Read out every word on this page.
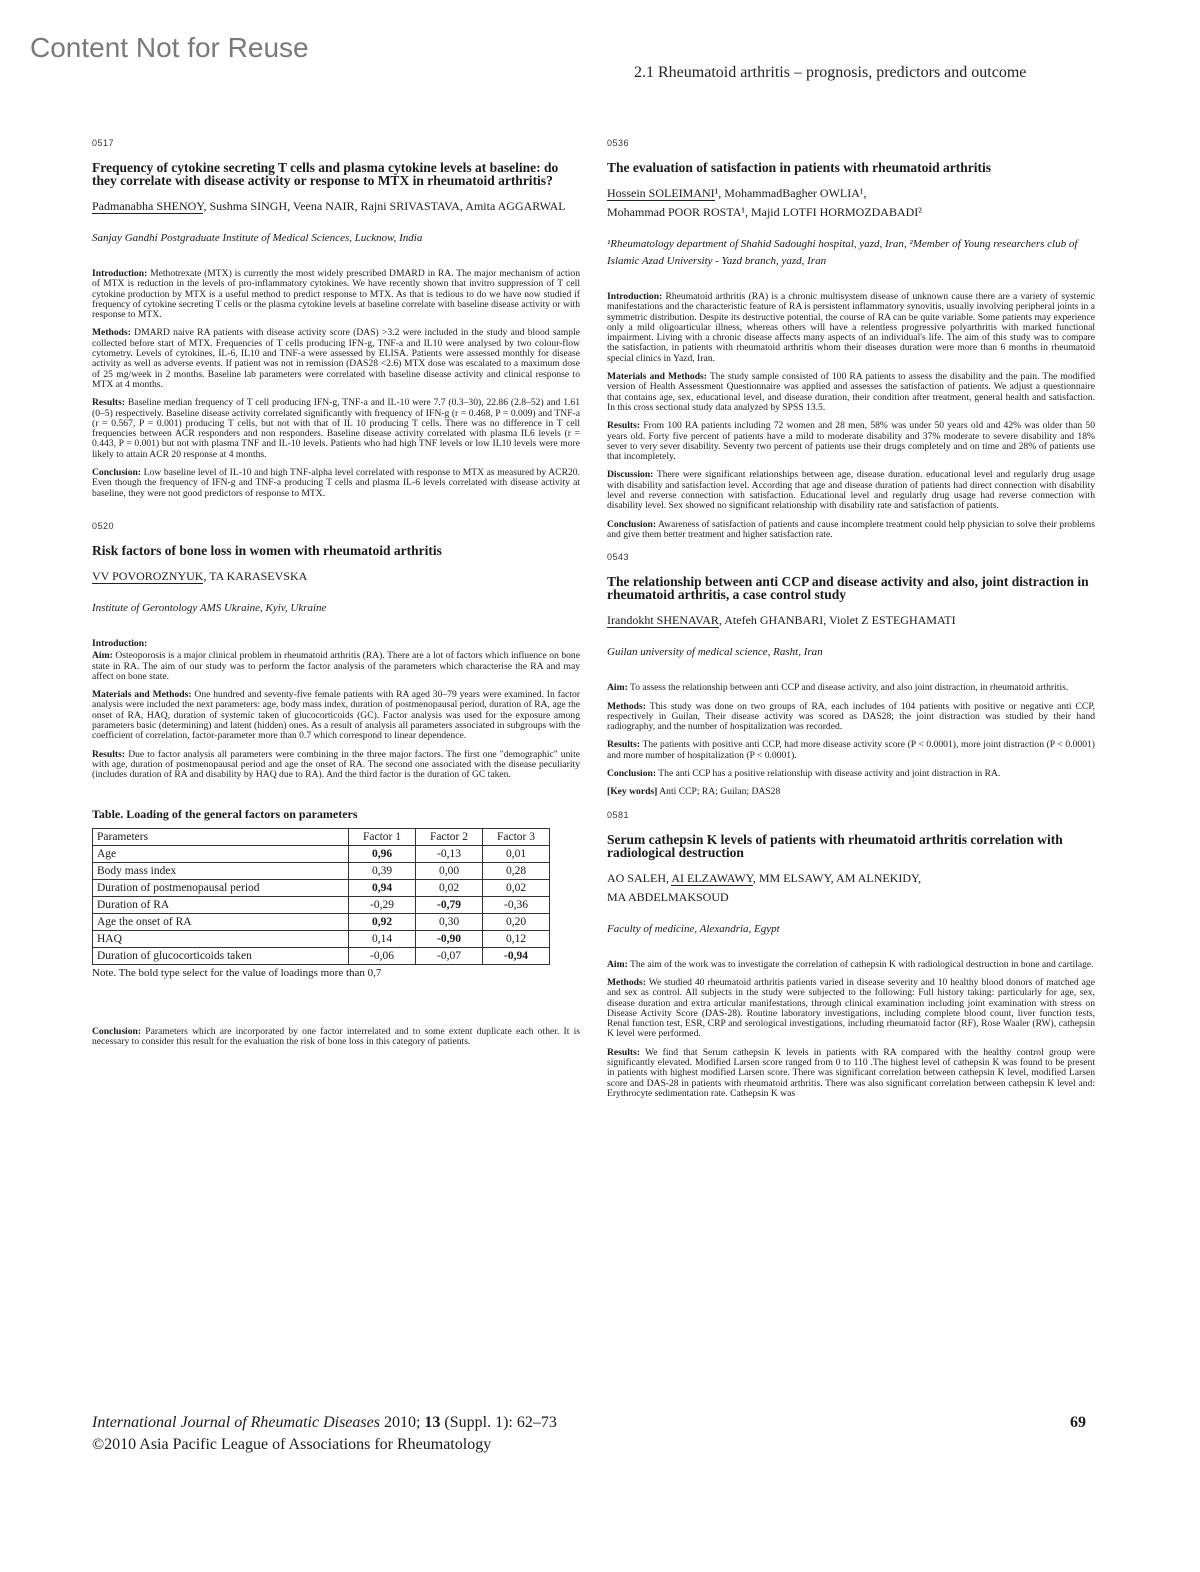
Content Not for Reuse
2.1 Rheumatoid arthritis – prognosis, predictors and outcome

0517

Frequency of cytokine secreting T cells and plasma cytokine levels at baseline: do they correlate with disease activity or response to MTX in rheumatoid arthritis?

Padmanabha SHENOY, Sushma SINGH, Veena NAIR, Rajni SRIVASTAVA, Amita AGGARWAL

Sanjay Gandhi Postgraduate Institute of Medical Sciences, Lucknow, India

Introduction: Methotrexate (MTX) is currently the most widely prescribed DMARD in RA. The major mechanism of action of MTX is reduction in the levels of pro-inflammatory cytokines. We have recently shown that invitro suppression of T cell cytokine production by MTX is a useful method to predict response to MTX. As that is tedious to do we have now studied if frequency of cytokine secreting T cells or the plasma cytokine levels at baseline correlate with baseline disease activity or with response to MTX.

Methods: DMARD naive RA patients with disease activity score (DAS) >3.2 were included in the study and blood sample collected before start of MTX. Frequencies of T cells producing IFN-g, TNF-a and IL10 were analysed by two colour-flow cytometry. Levels of cytokines, IL-6, IL10 and TNF-a were assessed by ELISA. Patients were assessed monthly for disease activity as well as adverse events. If patient was not in remission (DAS28 <2.6) MTX dose was escalated to a maximum dose of 25 mg/week in 2 months. Baseline lab parameters were correlated with baseline disease activity and clinical response to MTX at 4 months.

Results: Baseline median frequency of T cell producing IFN-g, TNF-a and IL-10 were 7.7 (0.3–30), 22.86 (2.8–52) and 1.61 (0–5) respectively. Baseline disease activity correlated significantly with frequency of IFN-g (r = 0.468, P = 0.009) and TNF-a (r = 0.567, P = 0.001) producing T cells, but not with that of IL 10 producing T cells. There was no difference in T cell frequencies between ACR responders and non responders. Baseline disease activity correlated with plasma IL6 levels (r = 0.443, P = 0.001) but not with plasma TNF and IL-10 levels. Patients who had high TNF levels or low IL10 levels were more likely to attain ACR 20 response at 4 months.

Conclusion: Low baseline level of IL-10 and high TNF-alpha level correlated with response to MTX as measured by ACR20. Even though the frequency of IFN-g and TNF-a producing T cells and plasma IL-6 levels correlated with disease activity at baseline, they were not good predictors of response to MTX.

0520

Risk factors of bone loss in women with rheumatoid arthritis

VV POVOROZNYUK, TA KARASEVSKA

Institute of Gerontology AMS Ukraine, Kyiv, Ukraine

Introduction:

Aim: Osteoporosis is a major clinical problem in rheumatoid arthritis (RA). There are a lot of factors which influence on bone state in RA. The aim of our study was to perform the factor analysis of the parameters which characterise the RA and may affect on bone state.

Materials and Methods: One hundred and seventy-five female patients with RA aged 30–79 years were examined. In factor analysis were included the next parameters: age, body mass index, duration of postmenopausal period, duration of RA, age the onset of RA, HAQ, duration of systemic taken of glucocorticoids (GC). Factor analysis was used for the exposure among parameters basic (determining) and latent (hidden) ones. As a result of analysis all parameters associated in subgroups with the coefficient of correlation, factor-parameter more than 0.7 which correspond to linear dependence.

Results: Due to factor analysis all parameters were combining in the three major factors. The first one "demographic" unite with age, duration of postmenopausal period and age the onset of RA. The second one associated with the disease peculiarity (includes duration of RA and disability by HAQ due to RA). And the third factor is the duration of GC taken.

Table. Loading of the general factors on parameters

Parameters	Factor 1	Factor 2	Factor 3
Age	0,96	-0,13	0,01
Body mass index	0,39	0,00	0,28
Duration of postmenopausal period	0,94	0,02	0,02
Duration of RA	-0,29	-0,79	-0,36
Age the onset of RA	0,92	0,30	0,20
HAQ	0,14	-0,90	0,12
Duration of glucocorticoids taken	-0,06	-0,07	-0,94

Note. The bold type select for the value of loadings more than 0,7

Conclusion: Parameters which are incorporated by one factor interrelated and to some extent duplicate each other. It is necessary to consider this result for the evaluation the risk of bone loss in this category of patients.

0536

The evaluation of satisfaction in patients with rheumatoid arthritis

Hossein SOLEIMANI¹, MohammadBagher OWLIA¹,
Mohammad POOR ROSTA¹, Majid LOTFI HORMOZDABADI²

¹Rheumatology department of Shahid Sadoughi hospital, yazd, Iran, ²Member of Young researchers club of Islamic Azad University - Yazd branch, yazd, Iran

Introduction: Rheumatoid arthritis (RA) is a chronic multisystem disease of unknown cause there are a variety of systemic manifestations and the characteristic feature of RA is persistent inflammatory synovitis, usually involving peripheral joints in a symmetric distribution. Despite its destructive potential, the course of RA can be quite variable. Some patients may experience only a mild oligoarticular illness, whereas others will have a relentless progressive polyarthritis with marked functional impairment. Living with a chronic disease affects many aspects of an individual's life. The aim of this study was to compare the satisfaction, in patients with rheumatoid arthritis whom their diseases duration were more than 6 months in rheumatoid special clinics in Yazd, Iran.

Materials and Methods: The study sample consisted of 100 RA patients to assess the disability and the pain. The modified version of Health Assessment Questionnaire was applied and assesses the satisfaction of patients. We adjust a questionnaire that contains age, sex, educational level, and disease duration, their condition after treatment, general health and satisfaction. In this cross sectional study data analyzed by SPSS 13.5.

Results: From 100 RA patients including 72 women and 28 men, 58% was under 50 years old and 42% was older than 50 years old. Forty five percent of patients have a mild to moderate disability and 37% moderate to severe disability and 18% sever to very sever disability. Seventy two percent of patients use their drugs completely and on time and 28% of patients use that incompletely.

Discussion: There were significant relationships between age, disease duration. educational level and regularly drug usage with disability and satisfaction level. According that age and disease duration of patients had direct connection with disability level and reverse connection with satisfaction. Educational level and regularly drug usage had reverse connection with disability level. Sex showed no significant relationship with disability rate and satisfaction of patients.

Conclusion: Awareness of satisfaction of patients and cause incomplete treatment could help physician to solve their problems and give them better treatment and higher satisfaction rate.

0543

The relationship between anti CCP and disease activity and also, joint distraction in rheumatoid arthritis, a case control study

Irandokht SHENAVAR, Atefeh GHANBARI, Violet Z ESTEGHAMATI

Guilan university of medical science, Rasht, Iran

Aim: To assess the relationship between anti CCP and disease activity, and also joint distraction, in rheumatoid arthritis.

Methods: This study was done on two groups of RA, each includes of 104 patients with positive or negative anti CCP, respectively in Guilan, Their disease activity was scored as DAS28; the joint distraction was studied by their hand radiography, and the number of hospitalization was recorded.

Results: The patients with positive anti CCP, had more disease activity score (P < 0.0001), more joint distraction (P < 0.0001) and more number of hospitalization (P < 0.0001).

Conclusion: The anti CCP has a positive relationship with disease activity and joint distraction in RA.

[Key words] Anti CCP; RA; Guilan; DAS28

0581

Serum cathepsin K levels of patients with rheumatoid arthritis correlation with radiological destruction

AO SALEH, AI ELZAWAWY, MM ELSAWY, AM ALNEKIDY,
MA ABDELMAKSOUD

Faculty of medicine, Alexandria, Egypt

Aim: The aim of the work was to investigate the correlation of cathepsin K with radiological destruction in bone and cartilage.

Methods: We studied 40 rheumatoid arthritis patients varied in disease severity and 10 healthy blood donors of matched age and sex as control. All subjects in the study were subjected to the following: Full history taking: particularly for age, sex, disease duration and extra articular manifestations, through clinical examination including joint examination with stress on Disease Activity Score (DAS-28). Routine laboratory investigations, including complete blood count, liver function tests, Renal function test, ESR, CRP and serological investigations, including rheumatoid factor (RF), Rose Waaler (RW), cathepsin K level were performed.

Results: We find that Serum cathepsin K levels in patients with RA compared with the healthy control group were significantly elevated. Modified Larsen score ranged from 0 to 110 .The highest level of cathepsin K was found to be present in patients with highest modified Larsen score. There was significant correlation between cathepsin K level, modified Larsen score and DAS-28 in patients with rheumatoid arthritis. There was also significant correlation between cathepsin K level and: Erythrocyte sedimentation rate. Cathepsin K was

International Journal of Rheumatic Diseases 2010; 13 (Suppl. 1): 62–73
©2010 Asia Pacific League of Associations for Rheumatology
69
